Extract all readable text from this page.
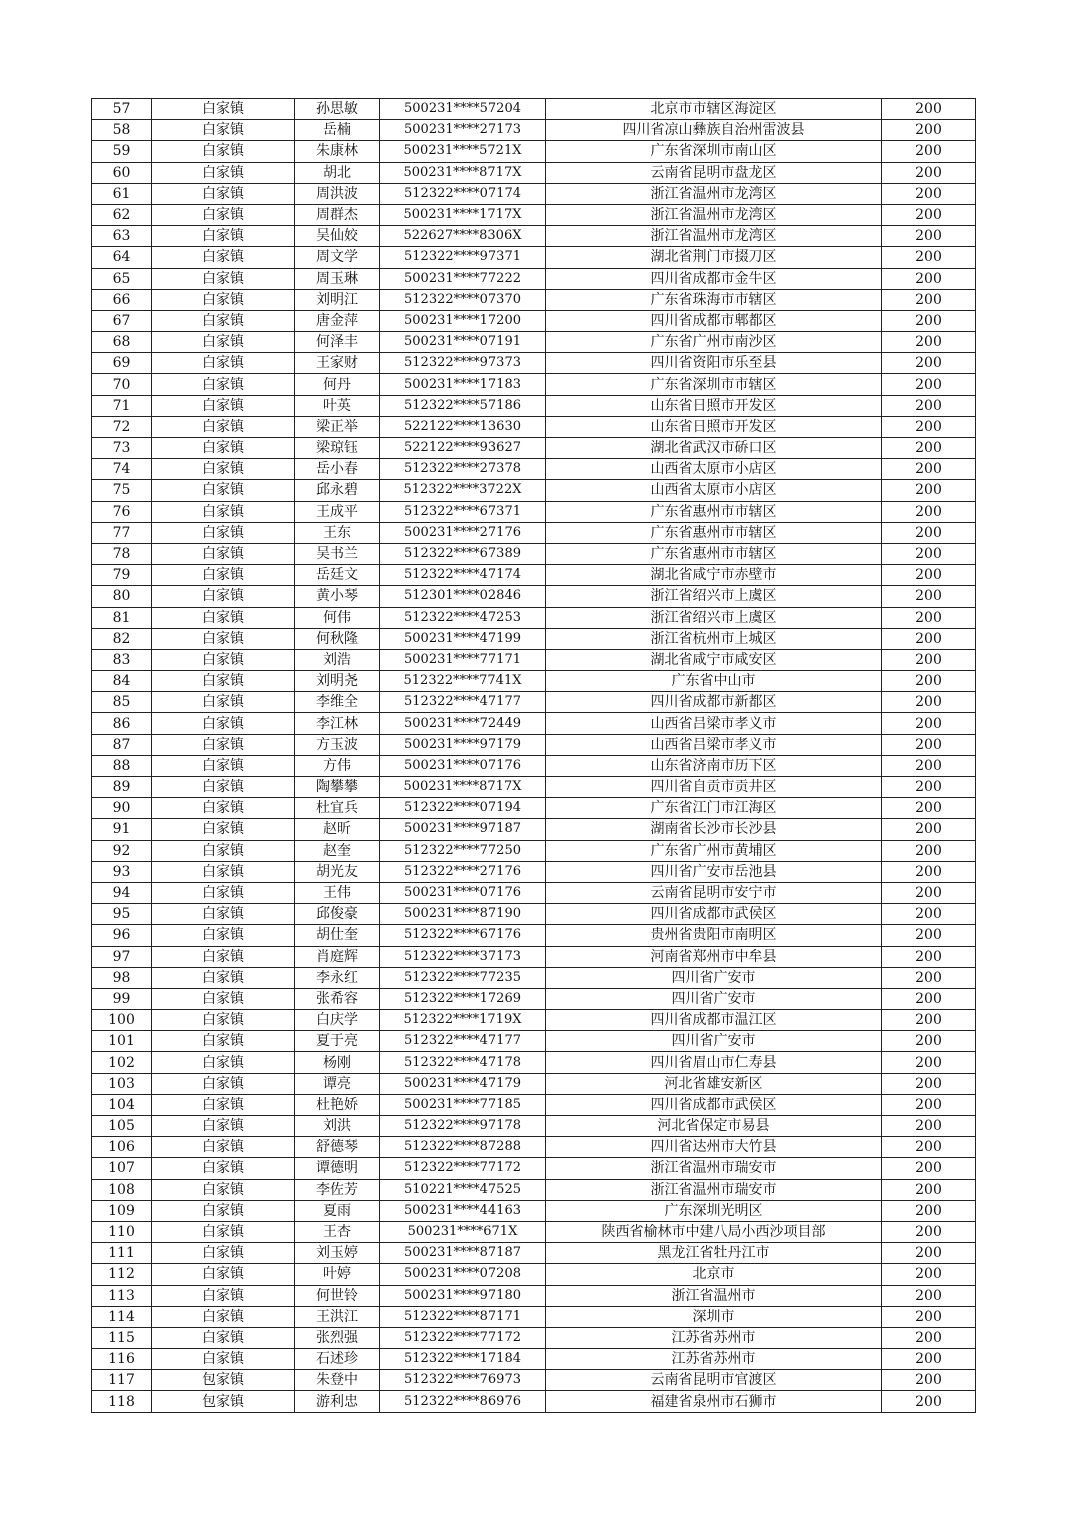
57	白家镇	孙思敏	500231****57204	北京市市辖区海淀区	200
58	白家镇	岳楠	500231****27173	四川省凉山彝族自治州雷波县	200
59	白家镇	朱康林	500231****5721X	广东省深圳市南山区	200
60	白家镇	胡北	500231****8717X	云南省昆明市盘龙区	200
61	白家镇	周洪波	512322****07174	浙江省温州市龙湾区	200
62	白家镇	周群杰	500231****1717X	浙江省温州市龙湾区	200
63	白家镇	吴仙姣	522627****8306X	浙江省温州市龙湾区	200
64	白家镇	周文学	512322****97371	湖北省荆门市掇刀区	200
65	白家镇	周玉琳	500231****77222	四川省成都市金牛区	200
66	白家镇	刘明江	512322****07370	广东省珠海市市辖区	200
67	白家镇	唐金萍	500231****17200	四川省成都市郫都区	200
68	白家镇	何泽丰	500231****07191	广东省广州市南沙区	200
69	白家镇	王家财	512322****97373	四川省资阳市乐至县	200
70	白家镇	何丹	500231****17183	广东省深圳市市辖区	200
71	白家镇	叶英	512322****57186	山东省日照市开发区	200
72	白家镇	梁正举	522122****13630	山东省日照市开发区	200
73	白家镇	梁琼钰	522122****93627	湖北省武汉市硚口区	200
74	白家镇	岳小春	512322****27378	山西省太原市小店区	200
75	白家镇	邱永碧	512322****3722X	山西省太原市小店区	200
76	白家镇	王成平	512322****67371	广东省惠州市市辖区	200
77	白家镇	王东	500231****27176	广东省惠州市市辖区	200
78	白家镇	吴书兰	512322****67389	广东省惠州市市辖区	200
79	白家镇	岳廷文	512322****47174	湖北省咸宁市赤壁市	200
80	白家镇	黄小琴	512301****02846	浙江省绍兴市上虞区	200
81	白家镇	何伟	512322****47253	浙江省绍兴市上虞区	200
82	白家镇	何秋隆	500231****47199	浙江省杭州市上城区	200
83	白家镇	刘浩	500231****77171	湖北省咸宁市咸安区	200
84	白家镇	刘明尧	512322****7741X	广东省中山市	200
85	白家镇	李维全	512322****47177	四川省成都市新都区	200
86	白家镇	李江林	500231****72449	山西省吕梁市孝义市	200
87	白家镇	方玉波	500231****97179	山西省吕梁市孝义市	200
88	白家镇	方伟	500231****07176	山东省济南市历下区	200
89	白家镇	陶攀攀	500231****8717X	四川省自贡市贡井区	200
90	白家镇	杜宜兵	512322****07194	广东省江门市江海区	200
91	白家镇	赵昕	500231****97187	湖南省长沙市长沙县	200
92	白家镇	赵奎	512322****77250	广东省广州市黄埔区	200
93	白家镇	胡光友	512322****27176	四川省广安市岳池县	200
94	白家镇	王伟	500231****07176	云南省昆明市安宁市	200
95	白家镇	邱俊豪	500231****87190	四川省成都市武侯区	200
96	白家镇	胡仕奎	512322****67176	贵州省贵阳市南明区	200
97	白家镇	肖庭辉	512322****37173	河南省郑州市中牟县	200
98	白家镇	李永红	512322****77235	四川省广安市	200
99	白家镇	张希容	512322****17269	四川省广安市	200
100	白家镇	白庆学	512322****1719X	四川省成都市温江区	200
101	白家镇	夏于亮	512322****47177	四川省广安市	200
102	白家镇	杨刚	512322****47178	四川省眉山市仁寿县	200
103	白家镇	谭亮	500231****47179	河北省雄安新区	200
104	白家镇	杜艳娇	500231****77185	四川省成都市武侯区	200
105	白家镇	刘洪	512322****97178	河北省保定市易县	200
106	白家镇	舒德琴	512322****87288	四川省达州市大竹县	200
107	白家镇	谭德明	512322****77172	浙江省温州市瑞安市	200
108	白家镇	李佐芳	510221****47525	浙江省温州市瑞安市	200
109	白家镇	夏雨	500231****44163	广东深圳光明区	200
110	白家镇	王杏	500231****671X	陕西省榆林市中建八局小西沙项目部	200
111	白家镇	刘玉婷	500231****87187	黑龙江省牡丹江市	200
112	白家镇	叶婷	500231****07208	北京市	200
113	白家镇	何世铃	500231****97180	浙江省温州市	200
114	白家镇	王洪江	512322****87171	深圳市	200
115	白家镇	张烈强	512322****77172	江苏省苏州市	200
116	白家镇	石述珍	512322****17184	江苏省苏州市	200
117	包家镇	朱登中	512322****76973	云南省昆明市官渡区	200
118	包家镇	游利忠	512322****86976	福建省泉州市石狮市	200
